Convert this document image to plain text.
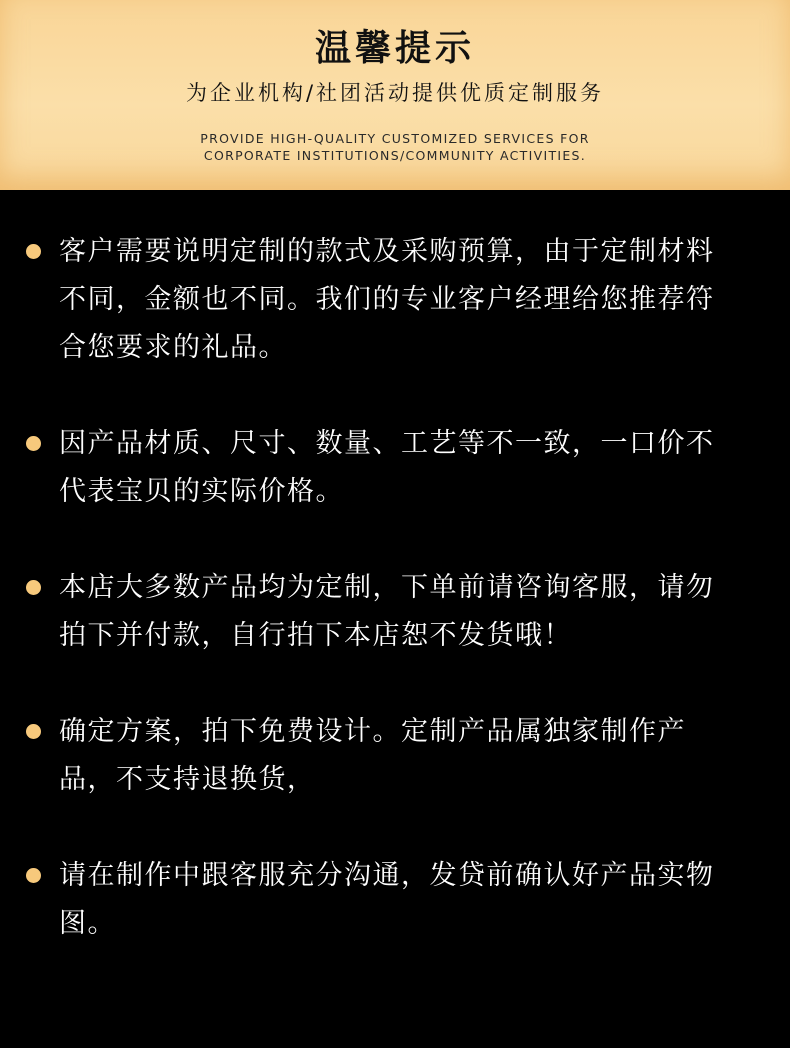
温馨提示
为企业机构/社团活动提供优质定制服务
PROVIDE HIGH-QUALITY CUSTOMIZED SERVICES FOR
CORPORATE INSTITUTIONS/COMMUNITY ACTIVITIES.
客户需要说明定制的款式及采购预算，由于定制材料不同，金额也不同。我们的专业客户经理给您推荐符合您要求的礼品。
因产品材质、尺寸、数量、工艺等不一致，一口价不代表宝贝的实际价格。
本店大多数产品均为定制，下单前请咨询客服，请勿拍下并付款，自行拍下本店恕不发货哦！
确定方案，拍下免费设计。定制产品属独家制作产品，不支持退换货，
请在制作中跟客服充分沟通，发贷前确认好产品实物图。
